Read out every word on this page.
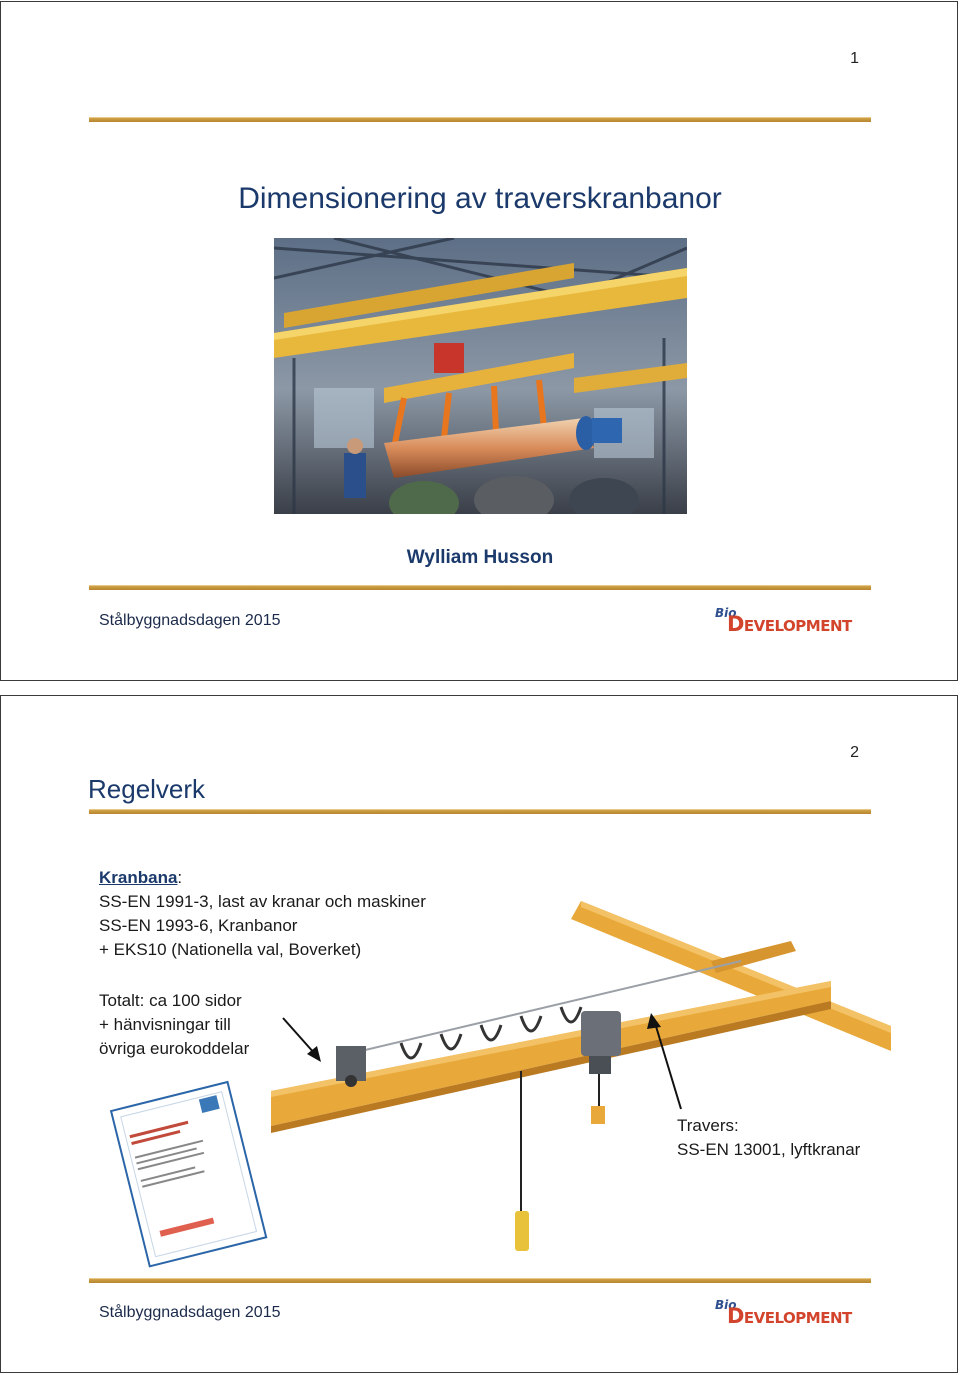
1
Dimensionering av traverskranbanor
Wylliam Husson
Stålbyggnadsdagen 2015	Bio
Development
2
Regelverk
Kranbana:
SS-EN 1991-3, last av kranar och maskiner
SS-EN 1993-6, Kranbanor
+ EKS10 (Nationella val, Boverket)
Totalt: ca 100 sidor
+ hänvisningar till
övriga eurokoddelar
Travers:
SS-EN 13001, lyftkranar
Stålbyggnadsdagen 2015	Bio
Development
